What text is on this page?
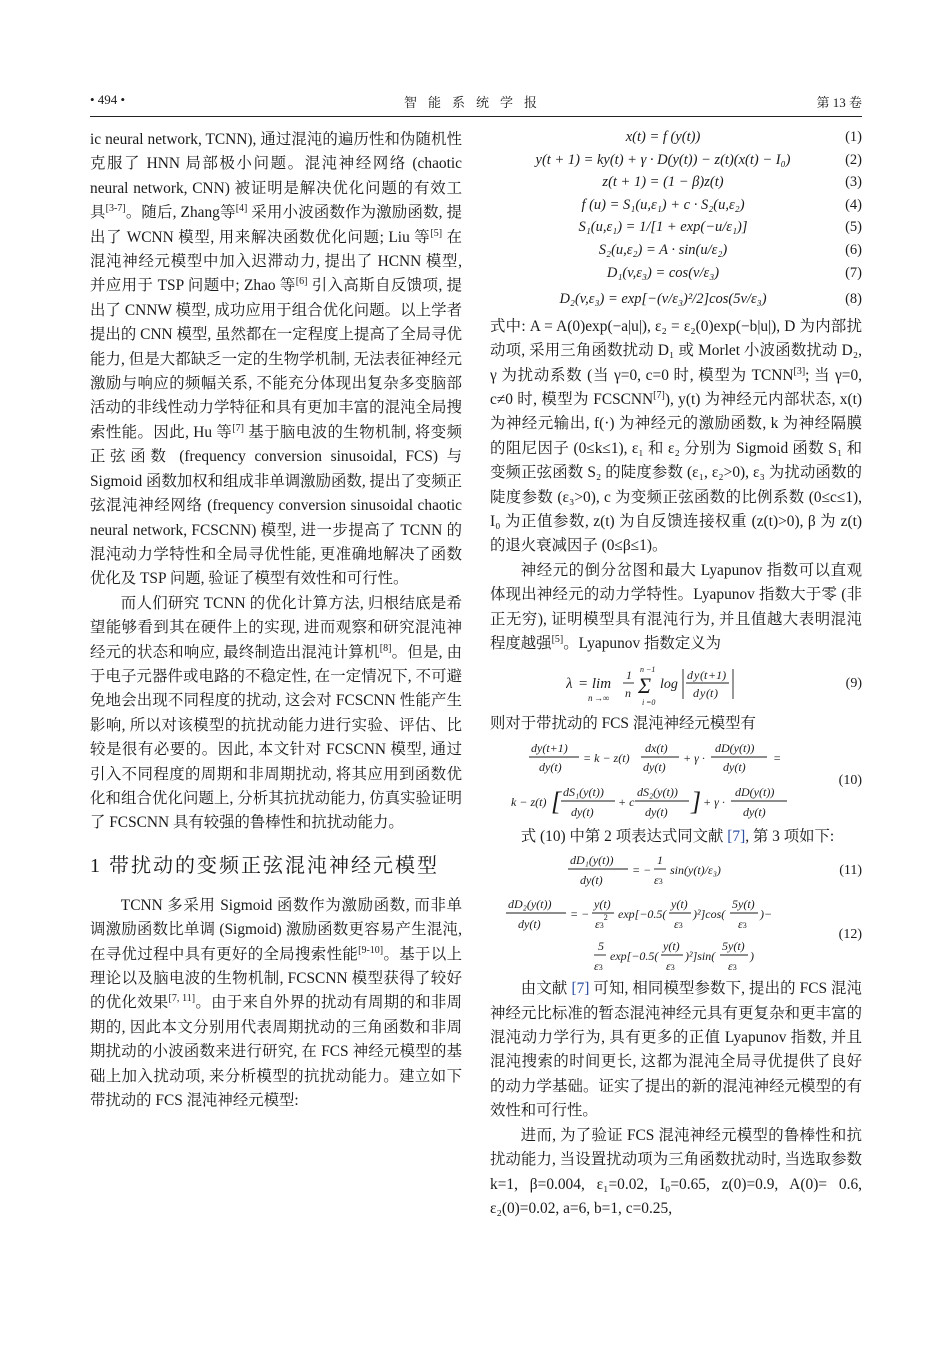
• 494 •	智能系统学报	第 13 卷

ic neural network, TCNN), 通过混沌的遍历性和伪随机性克服了 HNN 局部极小问题。混沌神经网络 (chaotic neural network, CNN) 被证明是解决优化问题的有效工具[3-7]。随后, Zhang等[4] 采用小波函数作为激励函数, 提出了 WCNN 模型, 用来解决函数优化问题; Liu 等[5] 在混沌神经元模型中加入迟滞动力, 提出了 HCNN 模型, 并应用于 TSP 问题中; Zhao 等[6] 引入高斯自反馈项, 提出了 CNNW 模型, 成功应用于组合优化问题。以上学者提出的 CNN 模型, 虽然都在一定程度上提高了全局寻优能力, 但是大都缺乏一定的生物学机制, 无法表征神经元激励与响应的频幅关系, 不能充分体现出复杂多变脑部活动的非线性动力学特征和具有更加丰富的混沌全局搜索性能。因此, Hu 等[7] 基于脑电波的生物机制, 将变频正弦函数 (frequency conversion sinusoidal, FCS) 与 Sigmoid 函数加权和组成非单调激励函数, 提出了变频正弦混沌神经网络 (frequency conversion sinusoidal chaotic neural network, FCSCNN) 模型, 进一步提高了 TCNN 的混沌动力学特性和全局寻优性能, 更准确地解决了函数优化及 TSP 问题, 验证了模型有效性和可行性。

而人们研究 TCNN 的优化计算方法, 归根结底是希望能够看到其在硬件上的实现, 进而观察和研究混沌神经元的状态和响应, 最终制造出混沌计算机[8]。但是, 由于电子元器件或电路的不稳定性, 在一定情况下, 不可避免地会出现不同程度的扰动, 这会对 FCSCNN 性能产生影响, 所以对该模型的抗扰动能力进行实验、评估、比较是很有必要的。因此, 本文针对 FCSCNN 模型, 通过引入不同程度的周期和非周期扰动, 将其应用到函数优化和组合优化问题上, 分析其抗扰动能力, 仿真实验证明了 FCSCNN 具有较强的鲁棒性和抗扰动能力。

1 带扰动的变频正弦混沌神经元模型

TCNN 多采用 Sigmoid 函数作为激励函数, 而非单调激励函数比单调 (Sigmoid) 激励函数更容易产生混沌, 在寻优过程中具有更好的全局搜索性能[9-10]。基于以上理论以及脑电波的生物机制, FCSCNN 模型获得了较好的优化效果[7, 11]。由于来自外界的扰动有周期的和非周期的, 因此本文分别用代表周期扰动的三角函数和非周期扰动的小波函数来进行研究, 在 FCS 神经元模型的基础上加入扰动项, 来分析模型的抗扰动能力。建立如下带扰动的 FCS 混沌神经元模型:

x(t) = f (y(t))	(1)
y(t + 1) = ky(t) + γ · D(y(t)) − z(t)(x(t) − I₀)	(2)
z(t + 1) = (1 − β)z(t)	(3)
f (u) = S₁(u,ε₁) + c · S₂(u,ε₂)	(4)
S₁(u,ε₁) = 1/[1 + exp(−u/ε₁)]	(5)
S₂(u,ε₂) = A · sin(u/ε₂)	(6)
D₁(v,ε₃) = cos(v/ε₃)	(7)
D₂(v,ε₃) = exp[−(v/ε₃)²/2]cos(5v/ε₃)	(8)

式中: A = A(0)exp(−a|u|), ε₂ = ε₂(0)exp(−b|u|), D 为内部扰动项, 采用三角函数扰动 D₁ 或 Morlet 小波函数扰动 D₂, γ 为扰动系数 (当 γ=0, c=0 时, 模型为 TCNN[3]; 当 γ=0, c≠0 时, 模型为 FCSCNN[7]), y(t) 为神经元内部状态, x(t) 为神经元输出, f(·) 为神经元的激励函数, k 为神经隔膜的阻尼因子 (0≤k≤1), ε₁ 和 ε₂ 分别为 Sigmoid 函数 S₁ 和变频正弦函数 S₂ 的陡度参数 (ε₁, ε₂>0), ε₃ 为扰动函数的陡度参数 (ε₃>0), c 为变频正弦函数的比例系数 (0≤c≤1), I₀ 为正值参数, z(t) 为自反馈连接权重 (z(t)>0), β 为 z(t) 的退火衰减因子 (0≤β≤1)。

神经元的倒分岔图和最大 Lyapunov 指数可以直观体现出神经元的动力学特性。Lyapunov 指数大于零 (非正无穷), 证明模型具有混沌行为, 并且值越大表明混沌程度越强[5]。Lyapunov 指数定义为

λ = lim
n →∞
1
n
n −1
Σ
i =0
log
d y ( t +1)
d y ( t )
(9)

则对于带扰动的 FCS 混沌神经元模型有

dy(t+1)
dy(t)
= k − z(t)
dx(t)
dy(t)
+ γ ·
dD(y(t))
dy(t)
=
k − z(t) [ dS₁(y(t))
dy(t)
+ c
dS₂(y(t))
dy(t) ] + γ ·
dD(y(t))
dy(t)
(10)

式 (10) 中第 2 项表达式同文献 [7], 第 3 项如下:

dD₁(y(t))
dy(t)
= −
1
ε3
sin(y(t)/ε₃)	(11)
dD₂(y(t))
dy(t)
= −
y(t)
$\varepsilon 3^2$ exp[−0.5(
y(t)
ε3
)²]cos(
5y(t)
ε3
)−
5
ε3
exp[−0.5(
y(t)
ε3
)²]sin(
5y(t)
ε3
)
(12)

由文献 [7] 可知, 相同模型参数下, 提出的 FCS 混沌神经元比标准的暂态混沌神经元具有更复杂和更丰富的混沌动力学行为, 具有更多的正值 Lyapunov 指数, 并且混沌搜索的时间更长, 这都为混沌全局寻优提供了良好的动力学基础。证实了提出的新的混沌神经元模型的有效性和可行性。

进而, 为了验证 FCS 混沌神经元模型的鲁棒性和抗扰动能力, 当设置扰动项为三角函数扰动时, 当选取参数 k=1, β=0.004, ε₁=0.02, I₀=0.65, z(0)=0.9, A(0)= 0.6, ε₂(0)=0.02, a=6, b=1, c=0.25,
